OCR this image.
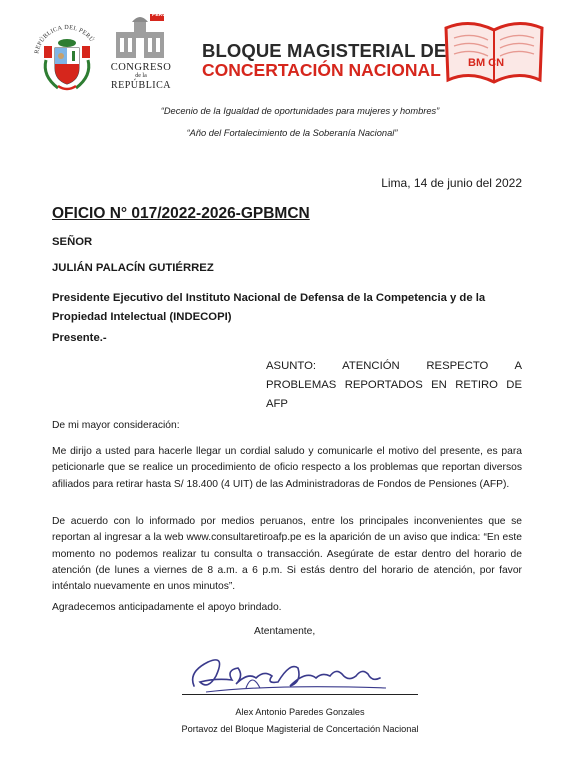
REPÚBLICA DEL PERÚ
PERÚ
CONGRESO
de la
REPÚBLICA
BLOQUE MAGISTERIAL DE
CONCERTACIÓN NACIONAL BM CN
“Decenio de la Igualdad de oportunidades para mujeres y hombres”
“Año del Fortalecimiento de la Soberanía Nacional”
Lima, 14 de junio del 2022
OFICIO N° 017/2022-2026-GPBMCN
SEÑOR
JULIÁN PALACÍN GUTIÉRREZ
Presidente Ejecutivo del Instituto Nacional de Defensa de la Competencia y de la Propiedad Intelectual (INDECOPI)
Presente.-
ASUNTO: ATENCIÓN RESPECTO A PROBLEMAS REPORTADOS EN RETIRO DE AFP

De mi mayor consideración:

Me dirijo a usted para hacerle llegar un cordial saludo y comunicarle el motivo del presente, es para peticionarle que se realice un procedimiento de oficio respecto a los problemas que reportan diversos afiliados para retirar hasta S/ 18.400 (4 UIT) de las Administradoras de Fondos de Pensiones (AFP).

De acuerdo con lo informado por medios peruanos, entre los principales inconvenientes que se reportan al ingresar a la web www.consultaretiroafp.pe es la aparición de un aviso que indica: “En este momento no podemos realizar tu consulta o transacción. Asegúrate de estar dentro del horario de atención (de lunes a viernes de 8 a.m. a 6 p.m. Si estás dentro del horario de atención, por favor inténtalo nuevamente en unos minutos”.

Agradecemos anticipadamente el apoyo brindado.

Atentamente,
Alex Antonio Paredes Gonzales
Portavoz del Bloque Magisterial de Concertación Nacional
